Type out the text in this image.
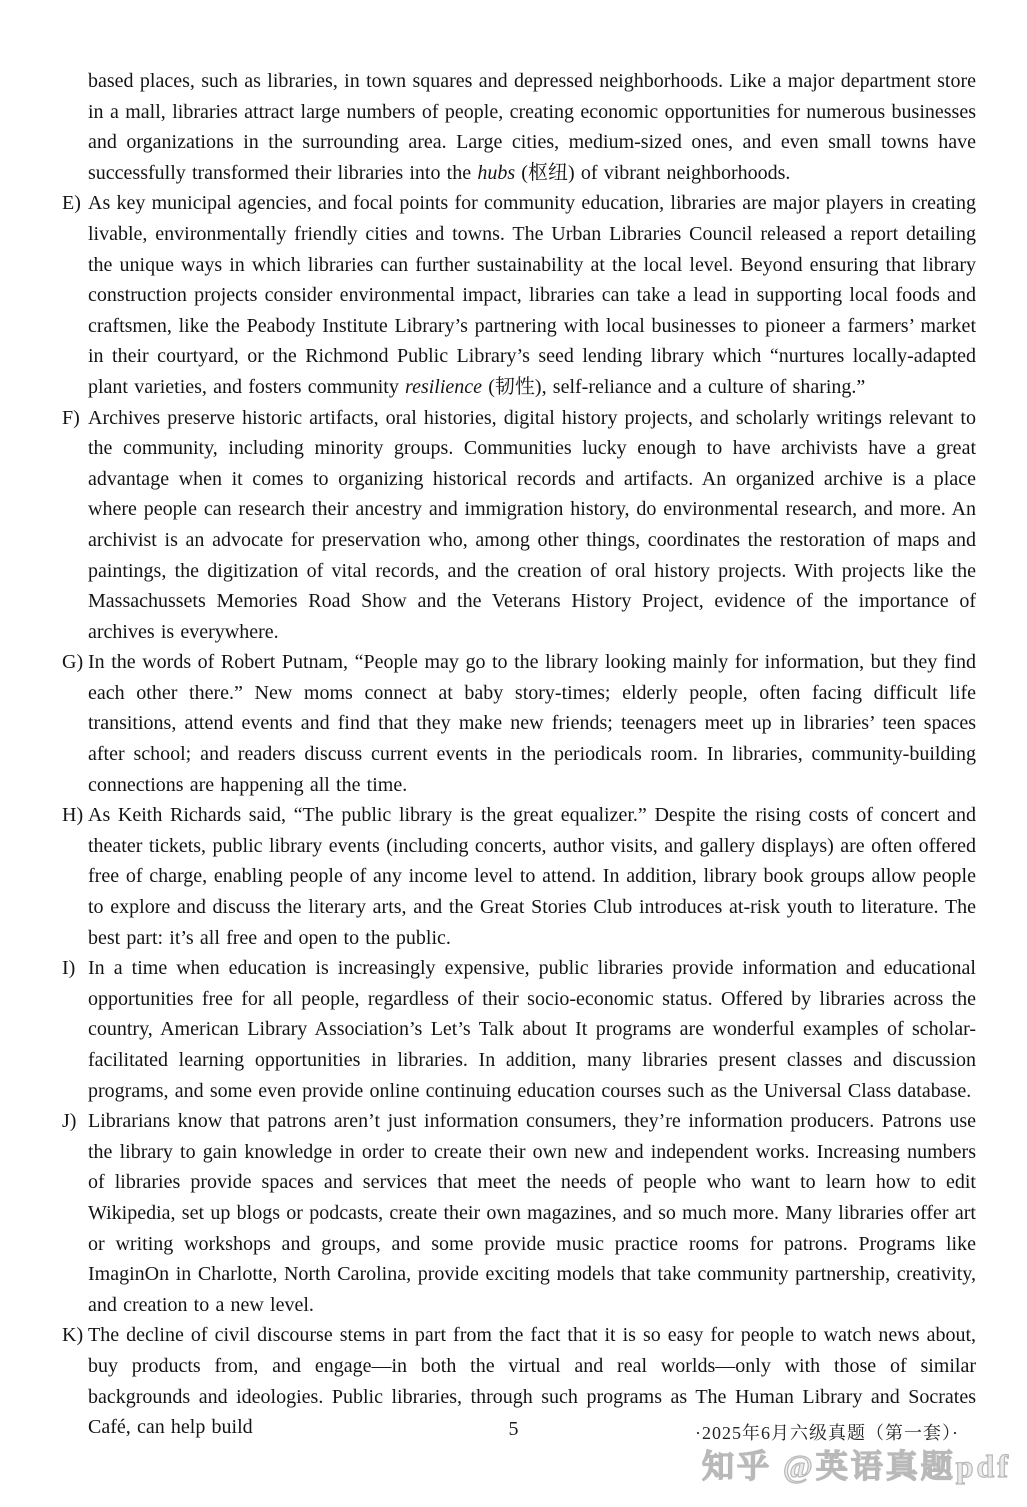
based places, such as libraries, in town squares and depressed neighborhoods. Like a major department store in a mall, libraries attract large numbers of people, creating economic opportunities for numerous businesses and organizations in the surrounding area. Large cities, medium-sized ones, and even small towns have successfully transformed their libraries into the hubs (枢纽) of vibrant neighborhoods.
E) As key municipal agencies, and focal points for community education, libraries are major players in creating livable, environmentally friendly cities and towns. The Urban Libraries Council released a report detailing the unique ways in which libraries can further sustainability at the local level. Beyond ensuring that library construction projects consider environmental impact, libraries can take a lead in supporting local foods and craftsmen, like the Peabody Institute Library’s partnering with local businesses to pioneer a farmers’ market in their courtyard, or the Richmond Public Library’s seed lending library which “nurtures locally-adapted plant varieties, and fosters community resilience (韧性), self-reliance and a culture of sharing.”
F) Archives preserve historic artifacts, oral histories, digital history projects, and scholarly writings relevant to the community, including minority groups. Communities lucky enough to have archivists have a great advantage when it comes to organizing historical records and artifacts. An organized archive is a place where people can research their ancestry and immigration history, do environmental research, and more. An archivist is an advocate for preservation who, among other things, coordinates the restoration of maps and paintings, the digitization of vital records, and the creation of oral history projects. With projects like the Massachussets Memories Road Show and the Veterans History Project, evidence of the importance of archives is everywhere.
G) In the words of Robert Putnam, “People may go to the library looking mainly for information, but they find each other there.” New moms connect at baby story-times; elderly people, often facing difficult life transitions, attend events and find that they make new friends; teenagers meet up in libraries’ teen spaces after school; and readers discuss current events in the periodicals room. In libraries, community-building connections are happening all the time.
H) As Keith Richards said, “The public library is the great equalizer.” Despite the rising costs of concert and theater tickets, public library events (including concerts, author visits, and gallery displays) are often offered free of charge, enabling people of any income level to attend. In addition, library book groups allow people to explore and discuss the literary arts, and the Great Stories Club introduces at-risk youth to literature. The best part: it’s all free and open to the public.
I) In a time when education is increasingly expensive, public libraries provide information and educational opportunities free for all people, regardless of their socio-economic status. Offered by libraries across the country, American Library Association’s Let’s Talk about It programs are wonderful examples of scholar-facilitated learning opportunities in libraries. In addition, many libraries present classes and discussion programs, and some even provide online continuing education courses such as the Universal Class database.
J) Librarians know that patrons aren’t just information consumers, they’re information producers. Patrons use the library to gain knowledge in order to create their own new and independent works. Increasing numbers of libraries provide spaces and services that meet the needs of people who want to learn how to edit Wikipedia, set up blogs or podcasts, create their own magazines, and so much more. Many libraries offer art or writing workshops and groups, and some provide music practice rooms for patrons. Programs like ImaginOn in Charlotte, North Carolina, provide exciting models that take community partnership, creativity, and creation to a new level.
K) The decline of civil discourse stems in part from the fact that it is so easy for people to watch news about, buy products from, and engage—in both the virtual and real worlds—only with those of similar backgrounds and ideologies. Public libraries, through such programs as The Human Library and Socrates Café, can help build	5	·2025年6月六级真题（第一套）·
知乎 @英语真题pdf
